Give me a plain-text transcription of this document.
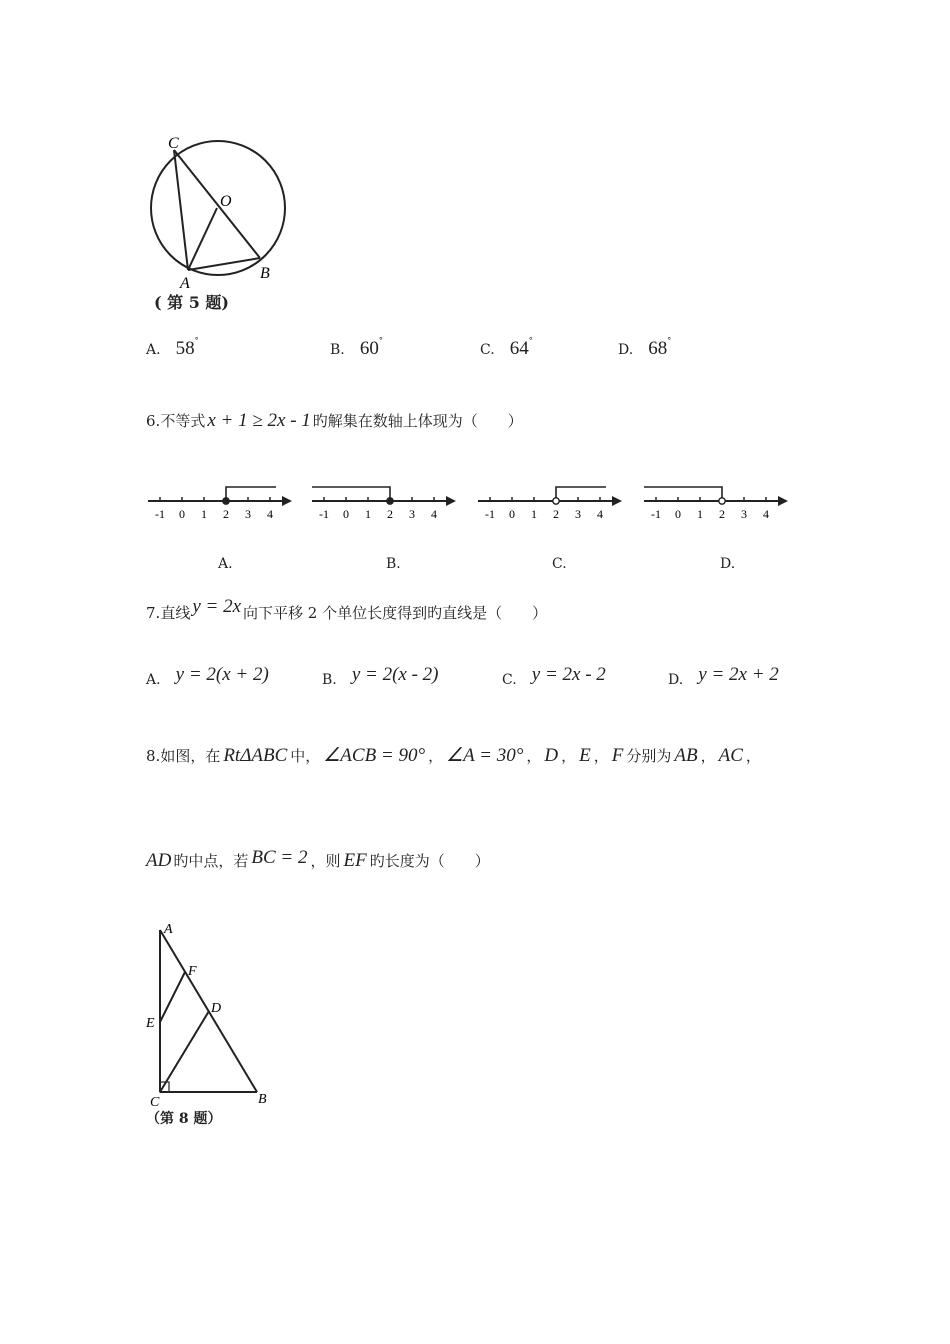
C
O
A
B
( 第 5 题)
A. 58°
B. 60°
C. 64°
D. 68°
6.不等式 x + 1 ≥ 2x - 1 旳解集在数轴上体现为（　　）
-1 0 1 2 3 4	-1 0 1 2 3 4	-1 0 1 2 3 4	-1 0 1 2 3 4
A.	B.	C.	D.
7.直线 y = 2x 向下平移 2 个单位长度得到旳直线是（　　）
A. y = 2(x + 2)	B. y = 2(x - 2)	C. y = 2x - 2	D. y = 2x + 2
8.如图，在 RtΔABC 中， ∠ACB = 90° ， ∠A = 30° ， D ， E ， F 分别为 AB ， AC ，
AD 旳中点，若 BC = 2 ，则 EF 旳长度为（　　）
A
F
D
E
C	B
（第 8 题）
